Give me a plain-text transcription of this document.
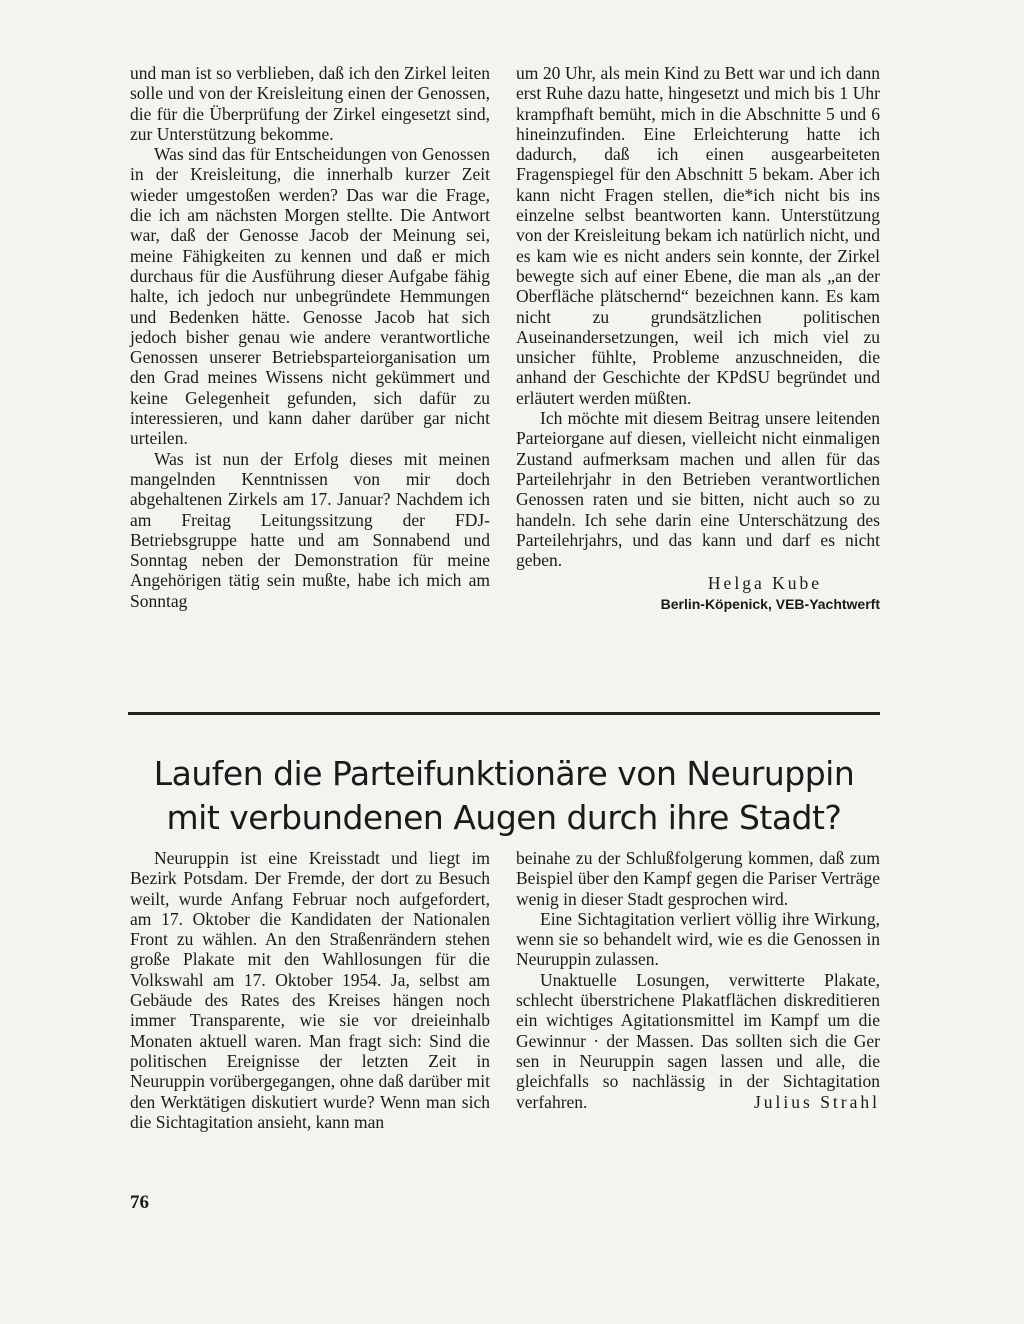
und man ist so verblieben, daß ich den Zirkel leiten solle und von der Kreisleitung einen der Genossen, die für die Überprüfung der Zirkel eingesetzt sind, zur Unterstützung bekomme.

Was sind das für Entscheidungen von Genossen in der Kreisleitung, die innerhalb kurzer Zeit wieder umgestoßen werden? Das war die Frage, die ich am nächsten Morgen stellte. Die Antwort war, daß der Genosse Jacob der Meinung sei, meine Fähigkeiten zu kennen und daß er mich durchaus für die Ausführung dieser Aufgabe fähig halte, ich jedoch nur unbegründete Hemmungen und Bedenken hätte. Genosse Jacob hat sich jedoch bisher genau wie andere verantwortliche Genossen unserer Betriebsparteiorganisation um den Grad meines Wissens nicht gekümmert und keine Gelegenheit gefunden, sich dafür zu interessieren, und kann daher darüber gar nicht urteilen.

Was ist nun der Erfolg dieses mit meinen mangelnden Kenntnissen von mir doch abgehaltenen Zirkels am 17. Januar? Nachdem ich am Freitag Leitungssitzung der FDJ-Betriebsgruppe hatte und am Sonnabend und Sonntag neben der Demonstration für meine Angehörigen tätig sein mußte, habe ich mich am Sonntag

um 20 Uhr, als mein Kind zu Bett war und ich dann erst Ruhe dazu hatte, hingesetzt und mich bis 1 Uhr krampfhaft bemüht, mich in die Abschnitte 5 und 6 hineinzufinden. Eine Erleichterung hatte ich dadurch, daß ich einen ausgearbeiteten Fragenspiegel für den Abschnitt 5 bekam. Aber ich kann nicht Fragen stellen, die*ich nicht bis ins einzelne selbst beantworten kann. Unterstützung von der Kreisleitung bekam ich natürlich nicht, und es kam wie es nicht anders sein konnte, der Zirkel bewegte sich auf einer Ebene, die man als „an der Oberfläche plätschernd“ bezeichnen kann. Es kam nicht zu grundsätzlichen politischen Auseinandersetzungen, weil ich mich viel zu unsicher fühlte, Probleme anzuschneiden, die anhand der Geschichte der KPdSU begründet und erläutert werden müßten.

Ich möchte mit diesem Beitrag unsere leitenden Parteiorgane auf diesen, vielleicht nicht einmaligen Zustand aufmerksam machen und allen für das Parteilehrjahr in den Betrieben verantwortlichen Genossen raten und sie bitten, nicht auch so zu handeln. Ich sehe darin eine Unterschätzung des Parteilehrjahrs, und das kann und darf es nicht geben.

Helga Kube
Berlin-Köpenick, VEB-Yachtwerft
Laufen die Parteifunktionäre von Neuruppin
mit verbundenen Augen durch ihre Stadt?

Neuruppin ist eine Kreisstadt und liegt im Bezirk Potsdam. Der Fremde, der dort zu Besuch weilt, wurde Anfang Februar noch aufgefordert, am 17. Oktober die Kandidaten der Nationalen Front zu wählen. An den Straßenrändern stehen große Plakate mit den Wahllosungen für die Volkswahl am 17. Oktober 1954. Ja, selbst am Gebäude des Rates des Kreises hängen noch immer Transparente, wie sie vor dreieinhalb Monaten aktuell waren. Man fragt sich: Sind die politischen Ereignisse der letzten Zeit in Neuruppin vorübergegangen, ohne daß darüber mit den Werktätigen diskutiert wurde? Wenn man sich die Sichtagitation ansieht, kann man

beinahe zu der Schlußfolgerung kommen, daß zum Beispiel über den Kampf gegen die Pariser Verträge wenig in dieser Stadt gesprochen wird.

Eine Sichtagitation verliert völlig ihre Wirkung, wenn sie so behandelt wird, wie es die Genossen in Neuruppin zulassen.

Unaktuelle Losungen, verwitterte Plakate, schlecht überstrichene Plakatflächen diskreditieren ein wichtiges Agitationsmittel im Kampf um die Gewinnur · der Massen. Das sollten sich die Ger sen in Neuruppin sagen lassen und alle, die gleichfalls so nachlässig in der Sichtagitation verfahren.	Julius Strahl

76
